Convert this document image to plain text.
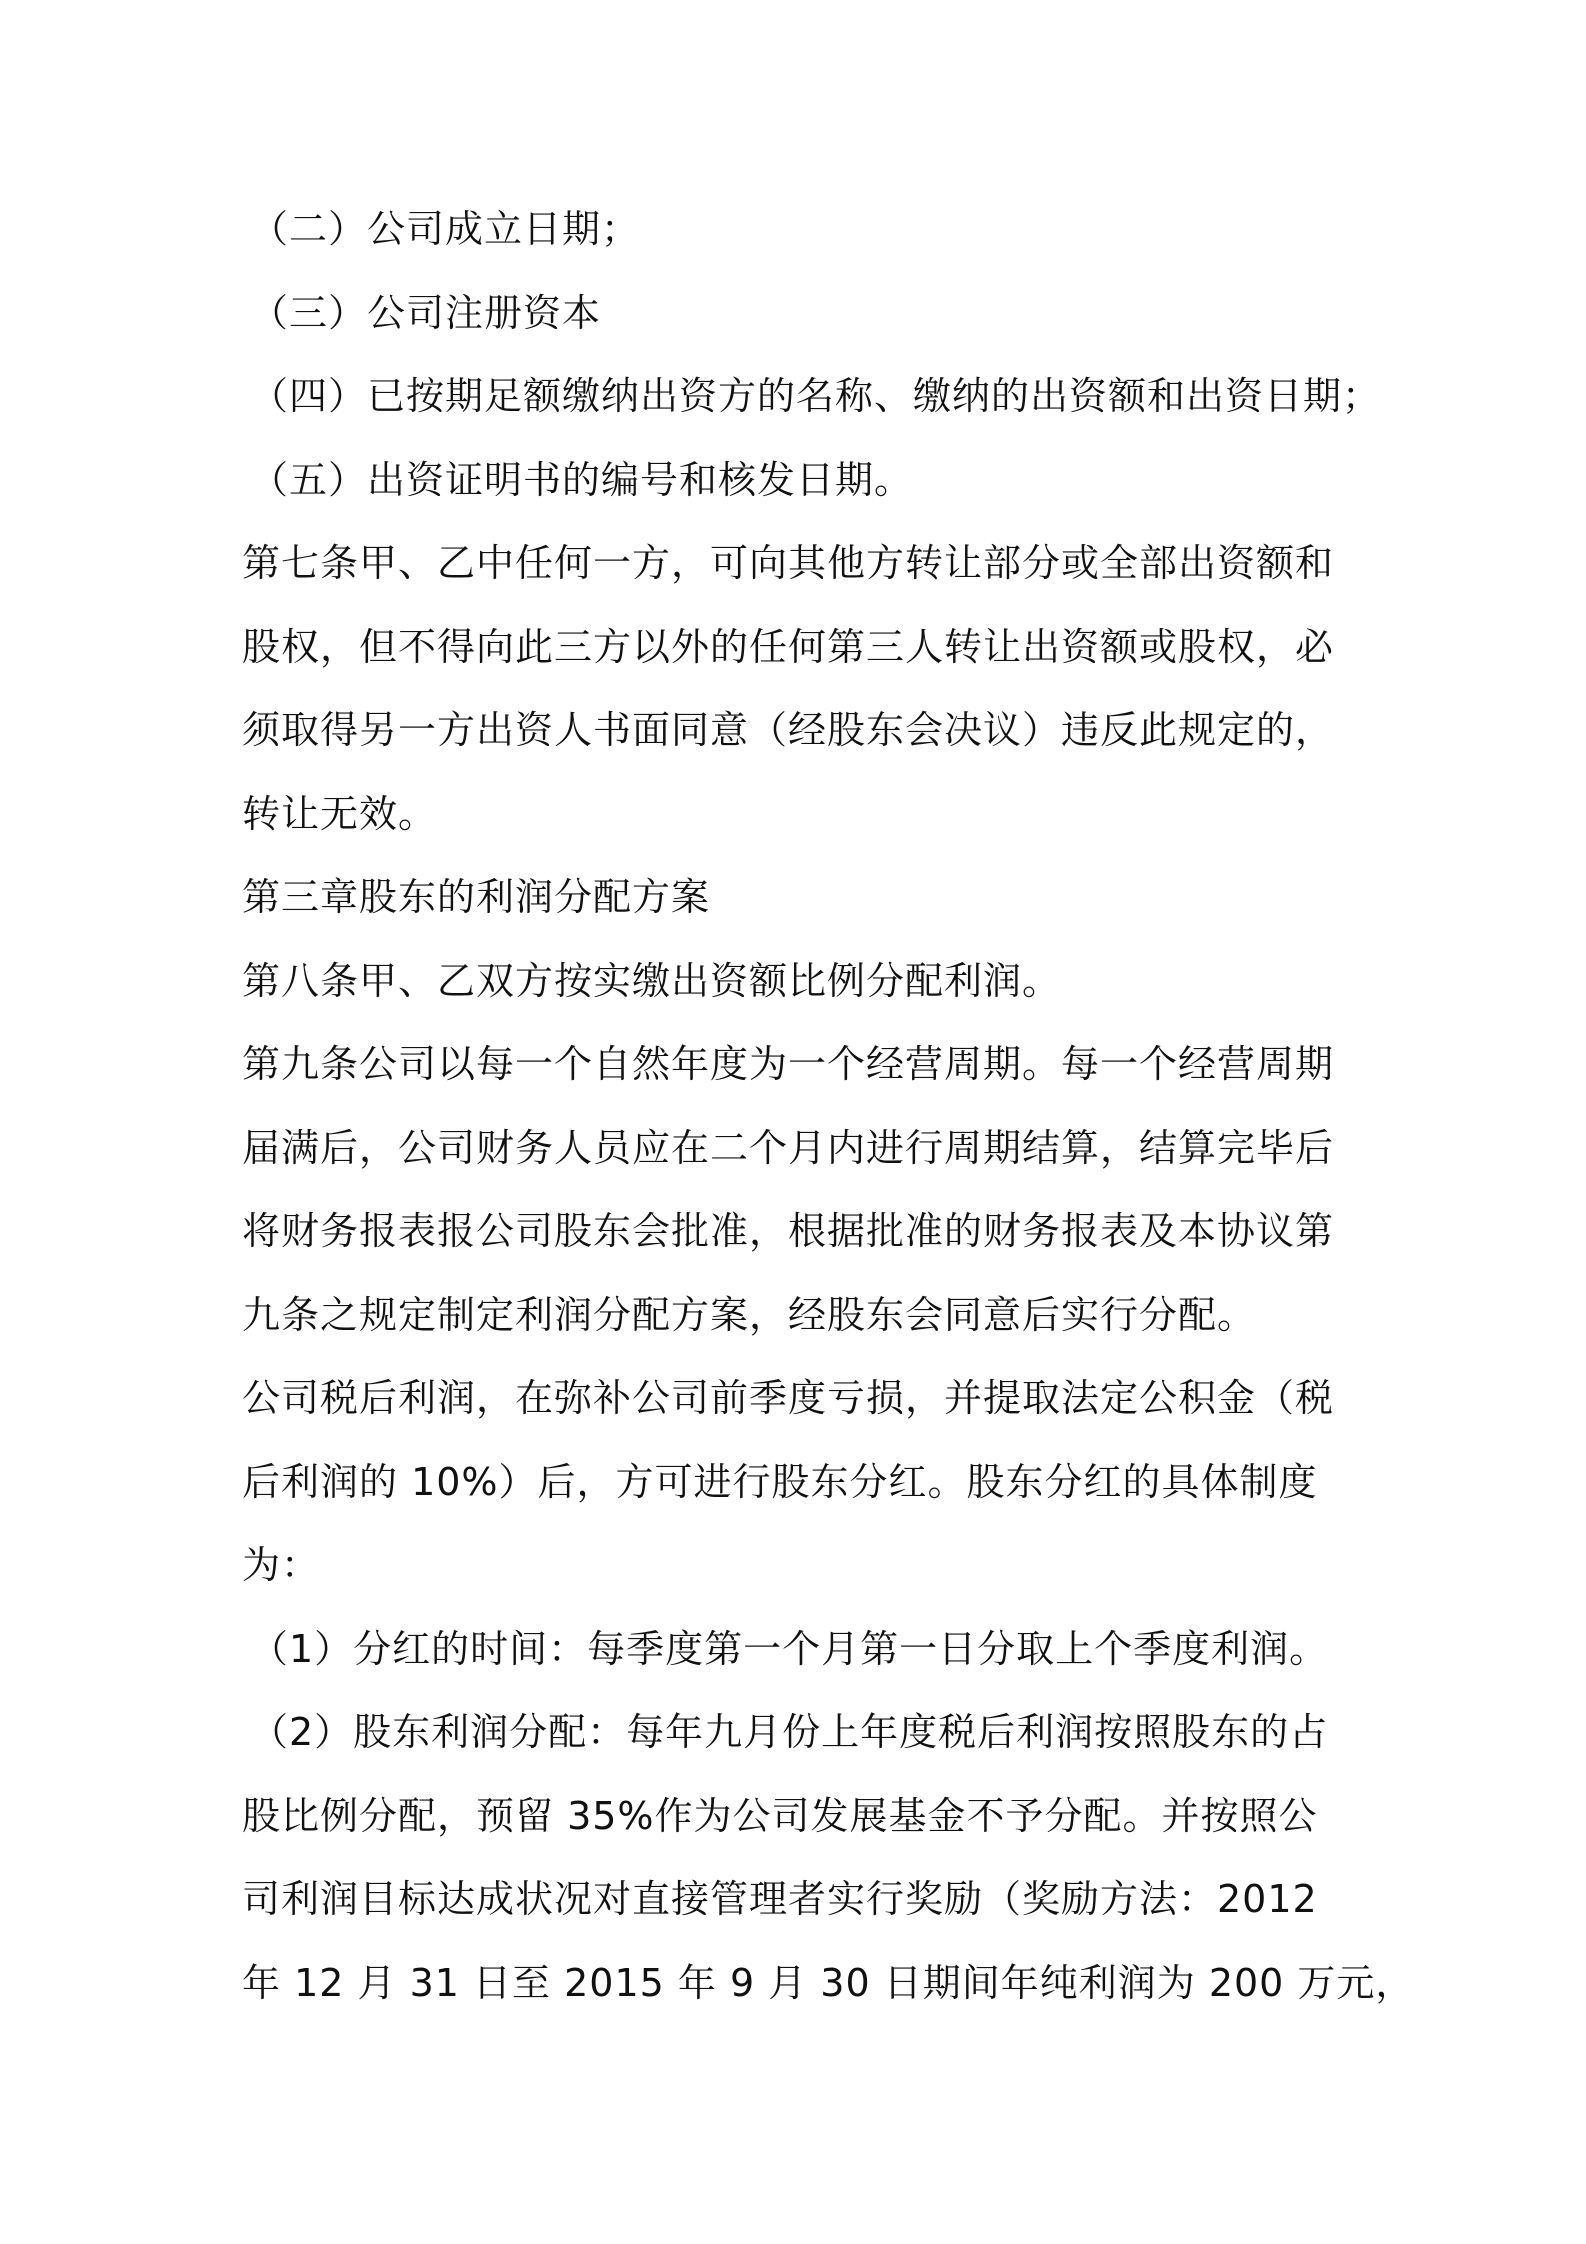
（二）公司成立日期；
（三）公司注册资本
（四）已按期足额缴纳出资方的名称、缴纳的出资额和出资日期；
（五）出资证明书的编号和核发日期。
第七条甲、乙中任何一方，可向其他方转让部分或全部出资额和
股权，但不得向此三方以外的任何第三人转让出资额或股权，必
须取得另一方出资人书面同意（经股东会决议）违反此规定的，
转让无效。
第三章股东的利润分配方案
第八条甲、乙双方按实缴出资额比例分配利润。
第九条公司以每一个自然年度为一个经营周期。每一个经营周期
届满后，公司财务人员应在二个月内进行周期结算，结算完毕后
将财务报表报公司股东会批准，根据批准的财务报表及本协议第
九条之规定制定利润分配方案，经股东会同意后实行分配。
公司税后利润，在弥补公司前季度亏损，并提取法定公积金（税
后利润的 10%）后，方可进行股东分红。股东分红的具体制度
为：
（1）分红的时间：每季度第一个月第一日分取上个季度利润。
（2）股东利润分配：每年九月份上年度税后利润按照股东的占
股比例分配，预留 35%作为公司发展基金不予分配。并按照公
司利润目标达成状况对直接管理者实行奖励（奖励方法：2012
年 12 月 31 日至 2015 年 9 月 30 日期间年纯利润为 200 万元，
